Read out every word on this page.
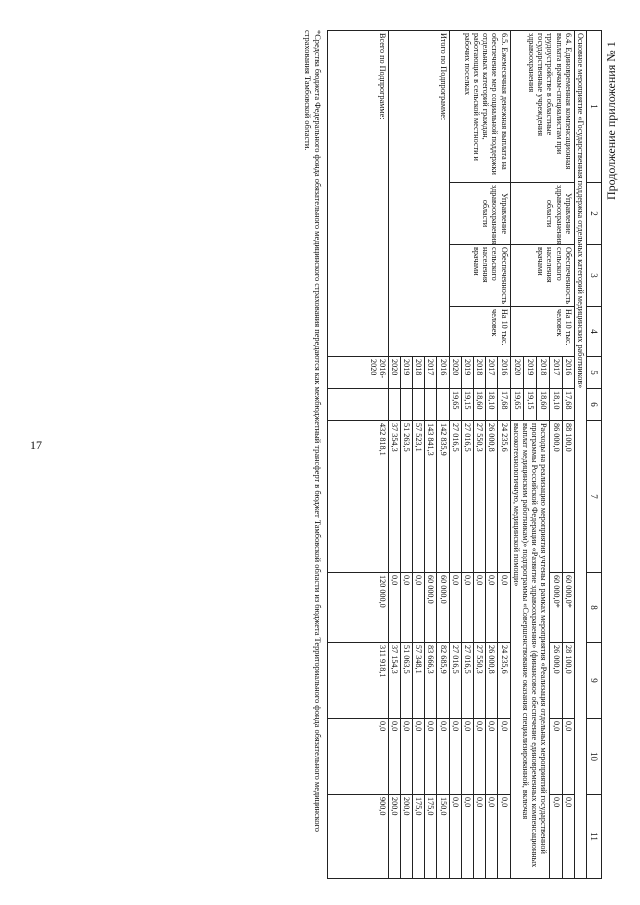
17
Продолжение приложения № 1
1	2	3	4	5	6	7	8	9	10	11
Основное мероприятие «Государственная поддержка отдельных категорий медицинских работников»										
6.4. Единовременная компенсационная выплата врачам-специалистам при трудоустройстве в областные государственные учреждения здравоохранения	Управление здравоохранения области	Обеспеченность сельского населения врачами	На 10 тыс. человек	2016	17,68	88 100,0	60 000,0*	28 100,0	0,0	0,0
				2017	18,10	86 000,0	60 000,0*	26 000,0	0,0	0,0
				2018	18,60	Расходы на реализацию мероприятия учтены в рамках мероприятия «Реализация отдельных мероприятий государственной программы Российской Федерации «Развитие здравоохранения» (финансовое обеспечение единовременных компенсационных выплат медицинским работникам)» подпрограммы «Совершенствование оказания специализированной, включая высокотехнологичную, медицинской помощи»				
				2019	19,15					
				2020	19,65					
6.5. Ежемесячная денежная выплата на обеспечение мер социальной поддержки отдельных категорий граждан, работающих в сельской местности и рабочих поселках	Управление здравоохранения области	Обеспеченность сельского населения врачами	На 10 тыс. человек	2016	17,68	24 235,6	0,0	24 235,6	0,0	0,0
				2017	18,10	26 000,8	0,0	26 000,8	0,0	0,0
				2018	18,60	27 550,3	0,0	27 550,3	0,0	0,0
				2019	19,15	27 016,5	0,0	27 016,5	0,0	0,0
				2020	19,65	27 016,5	0,0	27 016,5	0,0	0,0
Итого по Подпрограмме:				2016		142 835,9	60 000,0	82 685,9	0,0	150,0
				2017		143 841,3	60 000,0	83 666,3	0,0	175,0
				2018		57 523,1	0,0	57 348,1	0,0	175,0
				2019		51 263,5	0,0	51 063,5	0,0	200,0
				2020		37 354,3	0,0	37 154,3	0,0	200,0
Всего по Подпрограмме:				2016-2020		432 818,1	120 000,0	311 918,1	0,0	900,0
*Средства бюджета Федерального фонда обязательного медицинского страхования передаются как межбюджетный трансферт в бюджет Тамбовской области из бюджета Территориального фонда обязательного медицинского страхования Тамбовской области.
